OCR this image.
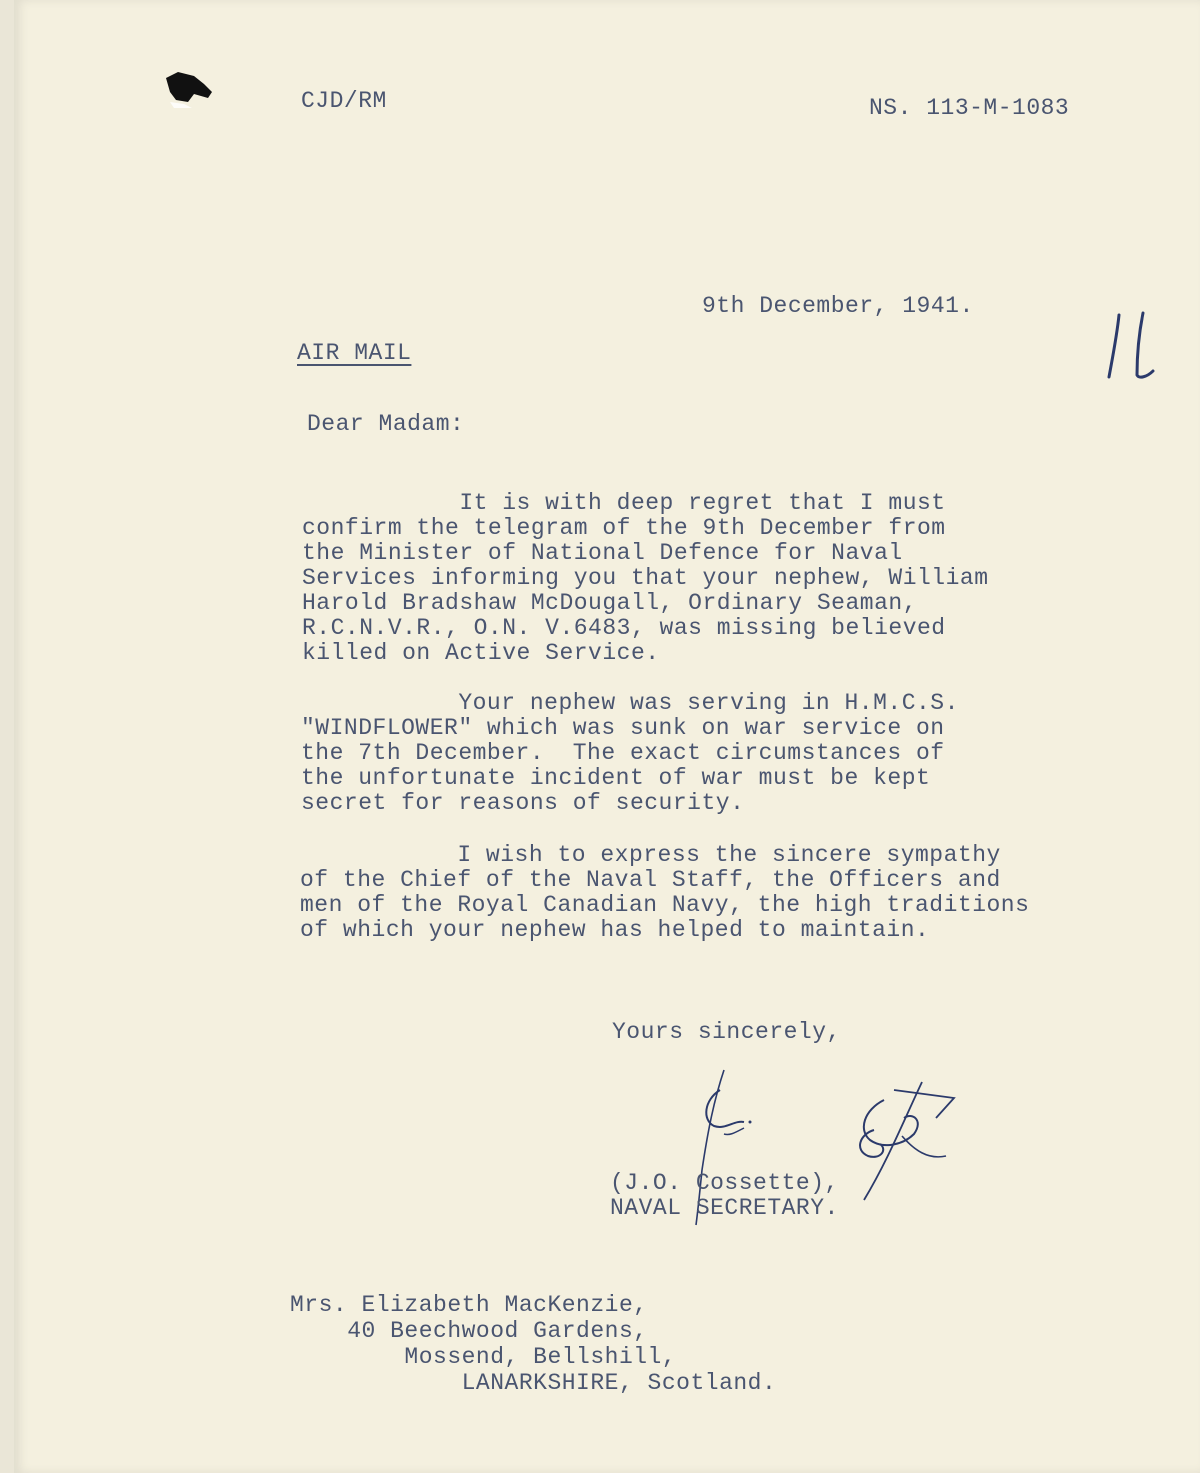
CJD/RM	NS. 113-M-1083

9th December, 1941.

AIR MAIL

Dear Madam:

It is with deep regret that I must
confirm the telegram of the 9th December from
the Minister of National Defence for Naval
Services informing you that your nephew, William
Harold Bradshaw McDougall, Ordinary Seaman,
R.C.N.V.R., O.N. V.6483, was missing believed
killed on Active Service.

Your nephew was serving in H.M.C.S.
"WINDFLOWER" which was sunk on war service on
the 7th December.  The exact circumstances of
the unfortunate incident of war must be kept
secret for reasons of security.

I wish to express the sincere sympathy
of the Chief of the Naval Staff, the Officers and
men of the Royal Canadian Navy, the high traditions
of which your nephew has helped to maintain.

Yours sincerely,

(J.O. Cossette),
NAVAL SECRETARY.

Mrs. Elizabeth MacKenzie,
40 Beechwood Gardens,
Mossend, Bellshill,
LANARKSHIRE, Scotland.
